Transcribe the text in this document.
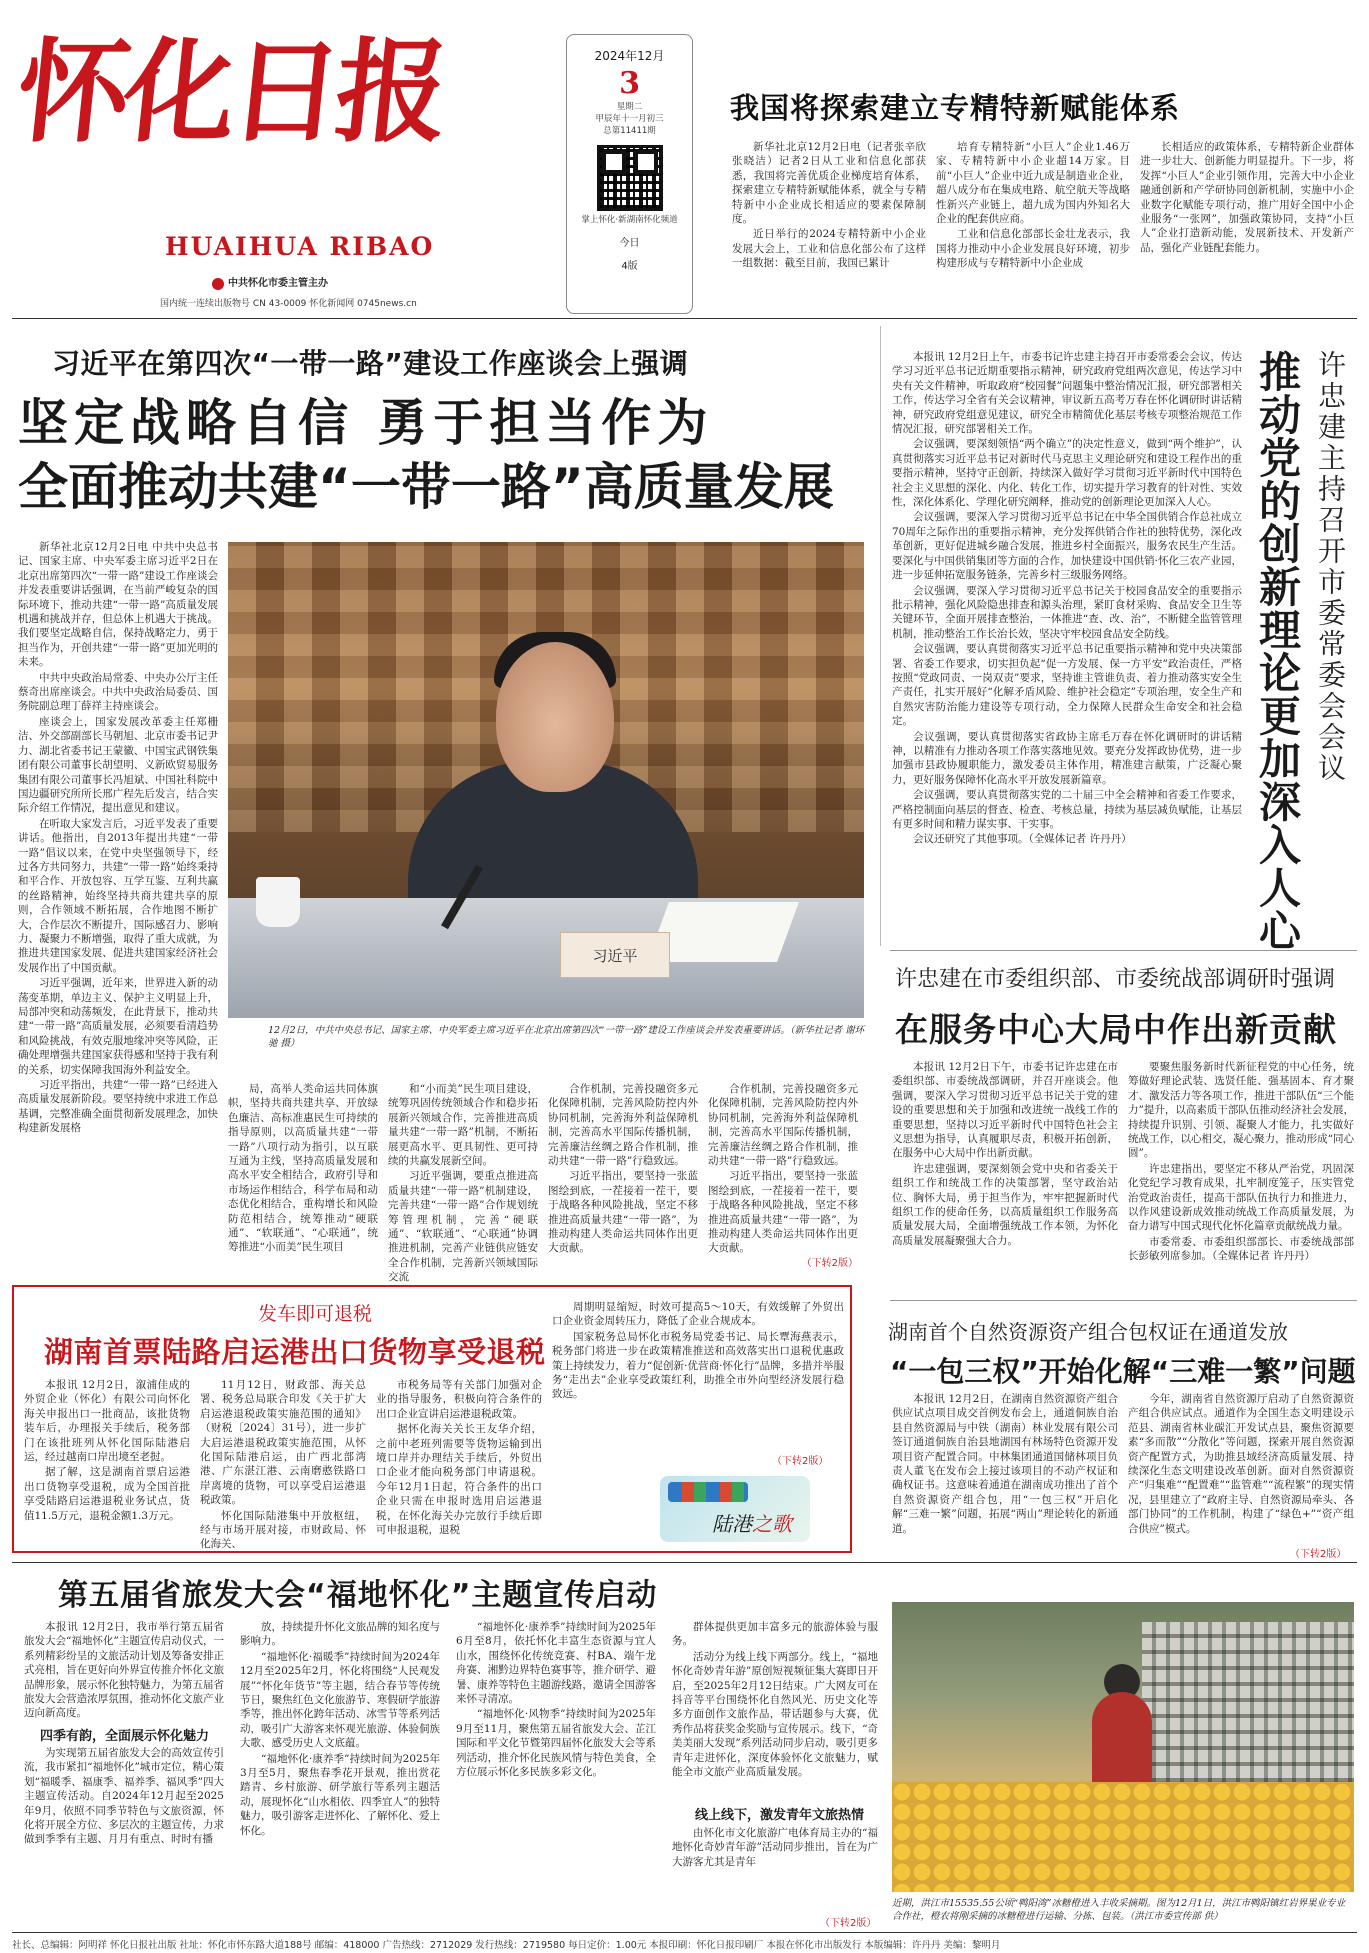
怀化日报
HUAIHUA RIBAO
中共怀化市委主管主办
国内统一连续出版物号 CN 43-0009 怀化新闻网 0745news.cn
2024年12月
3
星期二
甲辰年十一月初三
总第11411期
掌上怀化·新湖南怀化频道
今日
4版
我国将探索建立专精特新赋能体系

新华社北京12月2日电（记者张辛欣 张晓洁）记者2日从工业和信息化部获悉，我国将完善优质企业梯度培育体系，探索建立专精特新赋能体系，就全与专精特新中小企业成长相适应的要素保障制度。

近日举行的2024专精特新中小企业发展大会上，工业和信息化部公布了这样一组数据：截至目前，我国已累计

培育专精特新“小巨人”企业1.46万家、专精特新中小企业超14万家。目前“小巨人”企业中近九成是制造业企业，超八成分布在集成电路、航空航天等战略性新兴产业链上，超九成为国内外知名大企业的配套供应商。

工业和信息化部部长金壮龙表示，我国将力推动中小企业发展良好环境，初步构建形成与专精特新中小企业成

长相适应的政策体系，专精特新企业群体进一步壮大、创新能力明显提升。下一步，将发挥“小巨人”企业引领作用，完善大中小企业融通创新和产学研协同创新机制，实施中小企业数字化赋能专项行动，推广用好全国中小企业服务“一张网”，加强政策协同，支持“小巨人”企业打造新动能，发展新技术、开发新产品，强化产业链配套能力。

习近平在第四次“一带一路”建设工作座谈会上强调
坚定战略自信 勇于担当作为
全面推动共建“一带一路”高质量发展

新华社北京12月2日电 中共中央总书记、国家主席、中央军委主席习近平2日在北京出席第四次“一带一路”建设工作座谈会并发表重要讲话强调，在当前严峻复杂的国际环境下，推动共建“一带一路”高质量发展机遇和挑战并存，但总体上机遇大于挑战。我们要坚定战略自信，保持战略定力，勇于担当作为，开创共建“一带一路”更加光明的未来。

中共中央政治局常委、中央办公厅主任蔡奇出席座谈会。中共中央政治局委员、国务院副总理丁薛祥主持座谈会。

座谈会上，国家发展改革委主任郑栅洁、外交部副部长马朝旭、北京市委书记尹力、湖北省委书记王蒙徽、中国宝武钢铁集团有限公司董事长胡望明、义新欧贸易服务集团有限公司董事长冯旭斌、中国社科院中国边疆研究所所长邢广程先后发言，结合实际介绍工作情况，提出意见和建议。

在听取大家发言后，习近平发表了重要讲话。他指出，自2013年提出共建“一带一路”倡议以来，在党中央坚强领导下，经过各方共同努力，共建“一带一路”始终秉持和平合作、开放包容、互学互鉴、互利共赢的丝路精神，始终坚持共商共建共享的原则，合作领域不断拓展，合作地图不断扩大，合作层次不断提升，国际感召力、影响力、凝聚力不断增强，取得了重大成就，为推进共建国家发展、促进共建国家经济社会发展作出了中国贡献。

习近平强调，近年来，世界进入新的动荡变革期，单边主义、保护主义明显上升，局部冲突和动荡频发，在此背景下，推动共建“一带一路”高质量发展，必须要看清趋势和风险挑战，有效克服地缘冲突等风险，正确处理增强共建国家获得感和坚持于我有利的关系，切实保障我国海外利益安全。

习近平指出，共建“一带一路”已经进入高质量发展新阶段。要坚持统中求进工作总基调，完整准确全面贯彻新发展理念，加快构建新发展格

习近平
12月2日，中共中央总书记、国家主席、中央军委主席习近平在北京出席第四次“一带一路”建设工作座谈会并发表重要讲话。（新华社记者 谢环驰 摄）

局，高举人类命运共同体旗帜，坚持共商共建共享、开放绿色廉洁、高标准惠民生可持续的指导原则，以高质量共建“一带一路”八项行动为指引，以互联互通为主线，坚持高质量发展和高水平安全相结合，政府引导和市场运作相结合，科学布局和动态优化相结合，重构增长和风险防范相结合，统筹推动“硬联通”、“软联通”、“心联通”，统筹推进“小而美”民生项目

和“小而美”民生项目建设，统筹巩固传统领域合作和稳步拓展新兴领域合作，完善推进高质量共建“一带一路”机制，不断拓展更高水平、更具韧性、更可持续的共赢发展新空间。

习近平强调，要重点推进高质量共建“一带一路”机制建设，完善共建“一带一路”合作规划统筹管理机制，完善“硬联通”、“软联通”、“心联通”协调推进机制，完善产业链供应链安全合作机制，完善新兴领域国际交流

合作机制，完善投融资多元化保障机制，完善风险防控内外协同机制，完善海外利益保障机制，完善高水平国际传播机制，完善廉洁丝绸之路合作机制，推动共建“一带一路”行稳致远。

习近平指出，要坚持一张蓝图绘到底，一茬接着一茬干，要于战略各种风险挑战，坚定不移推进高质量共建“一带一路”，为推动构建人类命运共同体作出更大贡献。

合作机制，完善投融资多元化保障机制，完善风险防控内外协同机制，完善海外利益保障机制，完善高水平国际传播机制，完善廉洁丝绸之路合作机制，推动共建“一带一路”行稳致远。

习近平指出，要坚持一张蓝图绘到底，一茬接着一茬干，要于战略各种风险挑战，坚定不移推进高质量共建“一带一路”，为推动构建人类命运共同体作出更大贡献。

（下转2版）

本报讯 12月2日上午，市委书记许忠建主持召开市委常委会会议，传达学习习近平总书记近期重要指示精神，研究政府党组两次意见，传达学习中央有关文件精神，听取政府“校园餐”问题集中整治情况汇报，研究部署相关工作，传达学习全省有关会议精神，审议新五高考万春在怀化调研时讲话精神，研究政府党组意见建议，研究全市精简优化基层考核专项整治规范工作情况汇报，研究部署相关工作。

会议强调，要深刻领悟“两个确立”的决定性意义，做到“两个维护”，认真贯彻落实习近平总书记对新时代马克思主义理论研究和建设工程作出的重要指示精神，坚持守正创新，持续深入做好学习贯彻习近平新时代中国特色社会主义思想的深化、内化、转化工作，切实提升学习教育的针对性、实效性，深化体系化、学理化研究阐释，推动党的创新理论更加深入人心。

会议强调，要深入学习贯彻习近平总书记在中华全国供销合作总社成立70周年之际作出的重要指示精神，充分发挥供销合作社的独特优势，深化改革创新，更好促进城乡融合发展，推进乡村全面振兴，服务农民生产生活。要深化与中国供销集团等方面的合作，加快建设中国供销·怀化三农产业园，进一步延伸拓宽服务链条，完善乡村三级服务网络。

会议强调，要深入学习贯彻习近平总书记关于校园食品安全的重要指示批示精神，强化风险隐患排查和源头治理，紧盯食材采购、食品安全卫生等关键环节，全面开展排查整治，一体推进“查、改、治”，不断健全监管管理机制，推动整治工作长治长效，坚决守牢校园食品安全防线。

会议强调，要认真贯彻落实习近平总书记重要指示精神和党中央决策部署、省委工作要求，切实担负起“促一方发展、保一方平安”政治责任，严格按照“党政同责、一岗双责”要求，坚持谁主管谁负责、着力推动落实安全生产责任，扎实开展好“化解矛盾风险、维护社会稳定”专项治理，安全生产和自然灾害防治能力建设等专项行动，全力保障人民群众生命安全和社会稳定。

会议强调，要认真贯彻落实省政协主席毛万春在怀化调研时的讲话精神，以精准有力推动各项工作落实落地见效。要充分发挥政协优势，进一步加强市县政协履职能力，激发委员主体作用，精准建言献策，广泛凝心聚力，更好服务保障怀化高水平开放发展新篇章。

会议强调，要认真贯彻落实党的二十届三中全会精神和省委工作要求，严格控制面向基层的督查、检查、考核总量，持续为基层减负赋能，让基层有更多时间和精力谋实事、干实事。

会议还研究了其他事项。（全媒体记者 许丹丹）	推动党的创新理论更加深入人心 许忠建主持召开市委常委会会议
许忠建在市委组织部、市委统战部调研时强调
在服务中心大局中作出新贡献

本报讯 12月2日下午，市委书记许忠建在市委组织部、市委统战部调研，并召开座谈会。他强调，要深入学习贯彻习近平总书记关于党的建设的重要思想和关于加强和改进统一战线工作的重要思想，坚持以习近平新时代中国特色社会主义思想为指导，认真履职尽责，积极开拓创新，在服务中心大局中作出新贡献。

许忠建强调，要深刻领会党中央和省委关于组织工作和统战工作的决策部署，坚守政治站位、胸怀大局，勇于担当作为，牢牢把握新时代组织工作的使命任务，以高质量组织工作服务高质量发展大局，全面增强统战工作本领，为怀化高质量发展凝聚强大合力。

要聚焦服务新时代新征程党的中心任务，统筹做好理论武装、选贤任能、强基固本、育才聚才、激发活力等各项工作，推进干部队伍“三个能力”提升，以高素质干部队伍推动经济社会发展，持续提升识别、引领、凝聚人才能力，扎实做好统战工作，以心相交，凝心聚力，推动形成“同心圆”。

许忠建指出，要坚定不移从严治党，巩固深化党纪学习教育成果，扎牢制度笼子，压实管党治党政治责任，提高干部队伍执行力和推进力，以作风建设新成效推动统战工作高质量发展，为奋力谱写中国式现代化怀化篇章贡献统战力量。

市委常委、市委组织部部长、市委统战部部长彭敏列席参加。（全媒体记者 许丹丹）

发车即可退税
湖南首票陆路启运港出口货物享受退税

本报讯 12月2日，溆浦佳成的外贸企业（怀化）有限公司向怀化海关申报出口一批商品，该批货物装车后，办理报关手续后，税务部门在该批班列从怀化国际陆港启运，经过越南口岸出境至老挝。

据了解，这是湖南首票启运港出口货物享受退税，成为全国首批享受陆路启运港退税业务试点，货值11.5万元，退税金额1.3万元。

11月12日，财政部、海关总署、税务总局联合印发《关于扩大启运港退税政策实施范围的通知》（财税〔2024〕31号），进一步扩大启运港退税政策实施范围，从怀化国际陆港启运，由广西北部湾港、广东湛江港、云南磨憨铁路口岸离境的货物，可以享受启运港退税政策。

怀化国际陆港集中开放枢纽，经与市场开展对接，市财政局、怀化海关、

市税务局等有关部门加强对企业的指导服务，积极向符合条件的出口企业宣讲启运港退税政策。

据怀化海关关长王友华介绍，之前中老班列需要等货物运输到出境口岸并办理结关手续后，外贸出口企业才能向税务部门申请退税。今年12月1日起，符合条件的出口企业只需在申报时选用启运港退税，在怀化海关办完放行手续后即可申报退税，退税

周期明显缩短，时效可提高5～10天，有效缓解了外贸出口企业资金周转压力，降低了企业合规成本。

国家税务总局怀化市税务局党委书记、局长覃海燕表示，税务部门将进一步在政策精准推送和高效落实出口退税优惠政策上持续发力，着力“促创新·优营商·怀化行”品牌，多措并举服务“走出去”企业享受政策红利，助推全市外向型经济发展行稳致远。

（下转2版）
陆港之歌
湖南首个自然资源资产组合包权证在通道发放
“一包三权”开始化解“三难一繁”问题

本报讯 12月2日，在湖南自然资源资产组合供应试点项目成交首例发布会上，通道侗族自治县自然资源局与中铁（湖南）林业发展有限公司签订通道侗族自治县地湖国有林场特色资源开发项目资产配置合同。中林集团通道国储林项目负责人董飞在发布会上接过该项目的不动产权证和确权证书。这意味着通道在湖南成功推出了首个自然资源资产组合包，用“一包三权”开启化解“三难一繁”问题，拓展“两山”理论转化的新通道。

今年，湖南省自然资源厅启动了自然资源资产组合供应试点。通道作为全国生态文明建设示范县、湖南省林业碳汇开发试点县，聚焦资源要素“多而散”“分散化”等问题，探索开展自然资源资产配置方式，为助推县域经济高质量发展、持续深化生态文明建设改革创新。面对自然资源资产“归集难”“配置难”“监管难”“流程繁”的现实情况，县里建立了“政府主导、自然资源局牵头、各部门协同”的工作机制，构建了“绿色+”“资产组合供应”模式。

（下转2版）
第五届省旅发大会“福地怀化”主题宣传启动

本报讯 12月2日，我市举行第五届省旅发大会“福地怀化”主题宣传启动仪式，一系列精彩纷呈的文旅活动计划及筹备安排正式亮相，旨在更好向外界宣传推介怀化文旅品牌形象，展示怀化独特魅力，为第五届省旅发大会营造浓厚氛围，推动怀化文旅产业迈向新高度。

四季有韵，全面展示怀化魅力

为实现第五届省旅发大会的高效宣传引流，我市紧扣“福地怀化”城市定位，精心策划“福暖季、福康季、福养季、福风季”四大主题宣传活动。自2024年12月起至2025年9月，依照不同季节特色与文旅资源，怀化将开展全方位、多层次的主题宣传，力求做到季季有主题、月月有重点、时时有播

放，持续提升怀化文旅品牌的知名度与影响力。

“福地怀化·福暖季”持续时间为2024年12月至2025年2月，怀化将围绕“人民观发展”“怀化年货节”等主题，结合春节等传统节日，聚焦红色文化旅游节、寒假研学旅游季等，推出怀化跨年活动、冰雪节等系列活动，吸引广大游客来怀观光旅游、体验侗族大歌、感受历史人文底蕴。

“福地怀化·康养季”持续时间为2025年3月至5月，聚焦春季花开景观，推出赏花踏青、乡村旅游、研学旅行等系列主题活动，展现怀化“山水相依、四季宜人”的独特魅力，吸引游客走进怀化、了解怀化、爱上怀化。

“福地怀化·康养季”持续时间为2025年6月至8月，依托怀化丰富生态资源与宜人山水，围绕怀化传统竞赛、村BA、端午龙舟赛、湘黔边界特色赛事等，推介研学、避暑、康养等特色主题游线路，邀请全国游客来怀寻清凉。

“福地怀化·风物季”持续时间为2025年9月至11月，聚焦第五届省旅发大会、芷江国际和平文化节暨第四届怀化旅发大会等系列活动，推介怀化民族风情与特色美食，全方位展示怀化多民族多彩文化。

群体提供更加丰富多元的旅游体验与服务。

活动分为线上线下两部分。线上，“福地怀化奇妙青年游”原创短视频征集大赛即日开启，至2025年2月12日结束。广大网友可在抖音等平台围绕怀化自然风光、历史文化等多方面创作文旅作品，带话题参与大赛，优秀作品将获奖金奖励与宣传展示。线下，“奇美美丽大发现”系列活动同步启动，吸引更多青年走进怀化，深度体验怀化文旅魅力，赋能全市文旅产业高质量发展。

线上线下，激发青年文旅热情

由怀化市文化旅游广电体育局主办的“福地怀化奇妙青年游”活动同步推出，旨在为广大游客尤其是青年

（下转2版）
近期，洪江市15535.55公顷“鸭阳湾”冰糖橙进入丰收采摘期。图为12月1日，洪江市鸭阳镇红岩界果业专业合作社，橙农将刚采摘的冰糖橙进行运输、分拣、包装。（洪江市委宣传部 供）
社长、总编辑：阿明祥 怀化日报社出版 社址：怀化市怀东路大道188号 邮编：418000 广告热线：2712029 发行热线：2719580 每日定价：1.00元 本报印刷：怀化日报印刷厂 本报在怀化市出版发行 本版编辑：许丹丹 美编：黎明月
